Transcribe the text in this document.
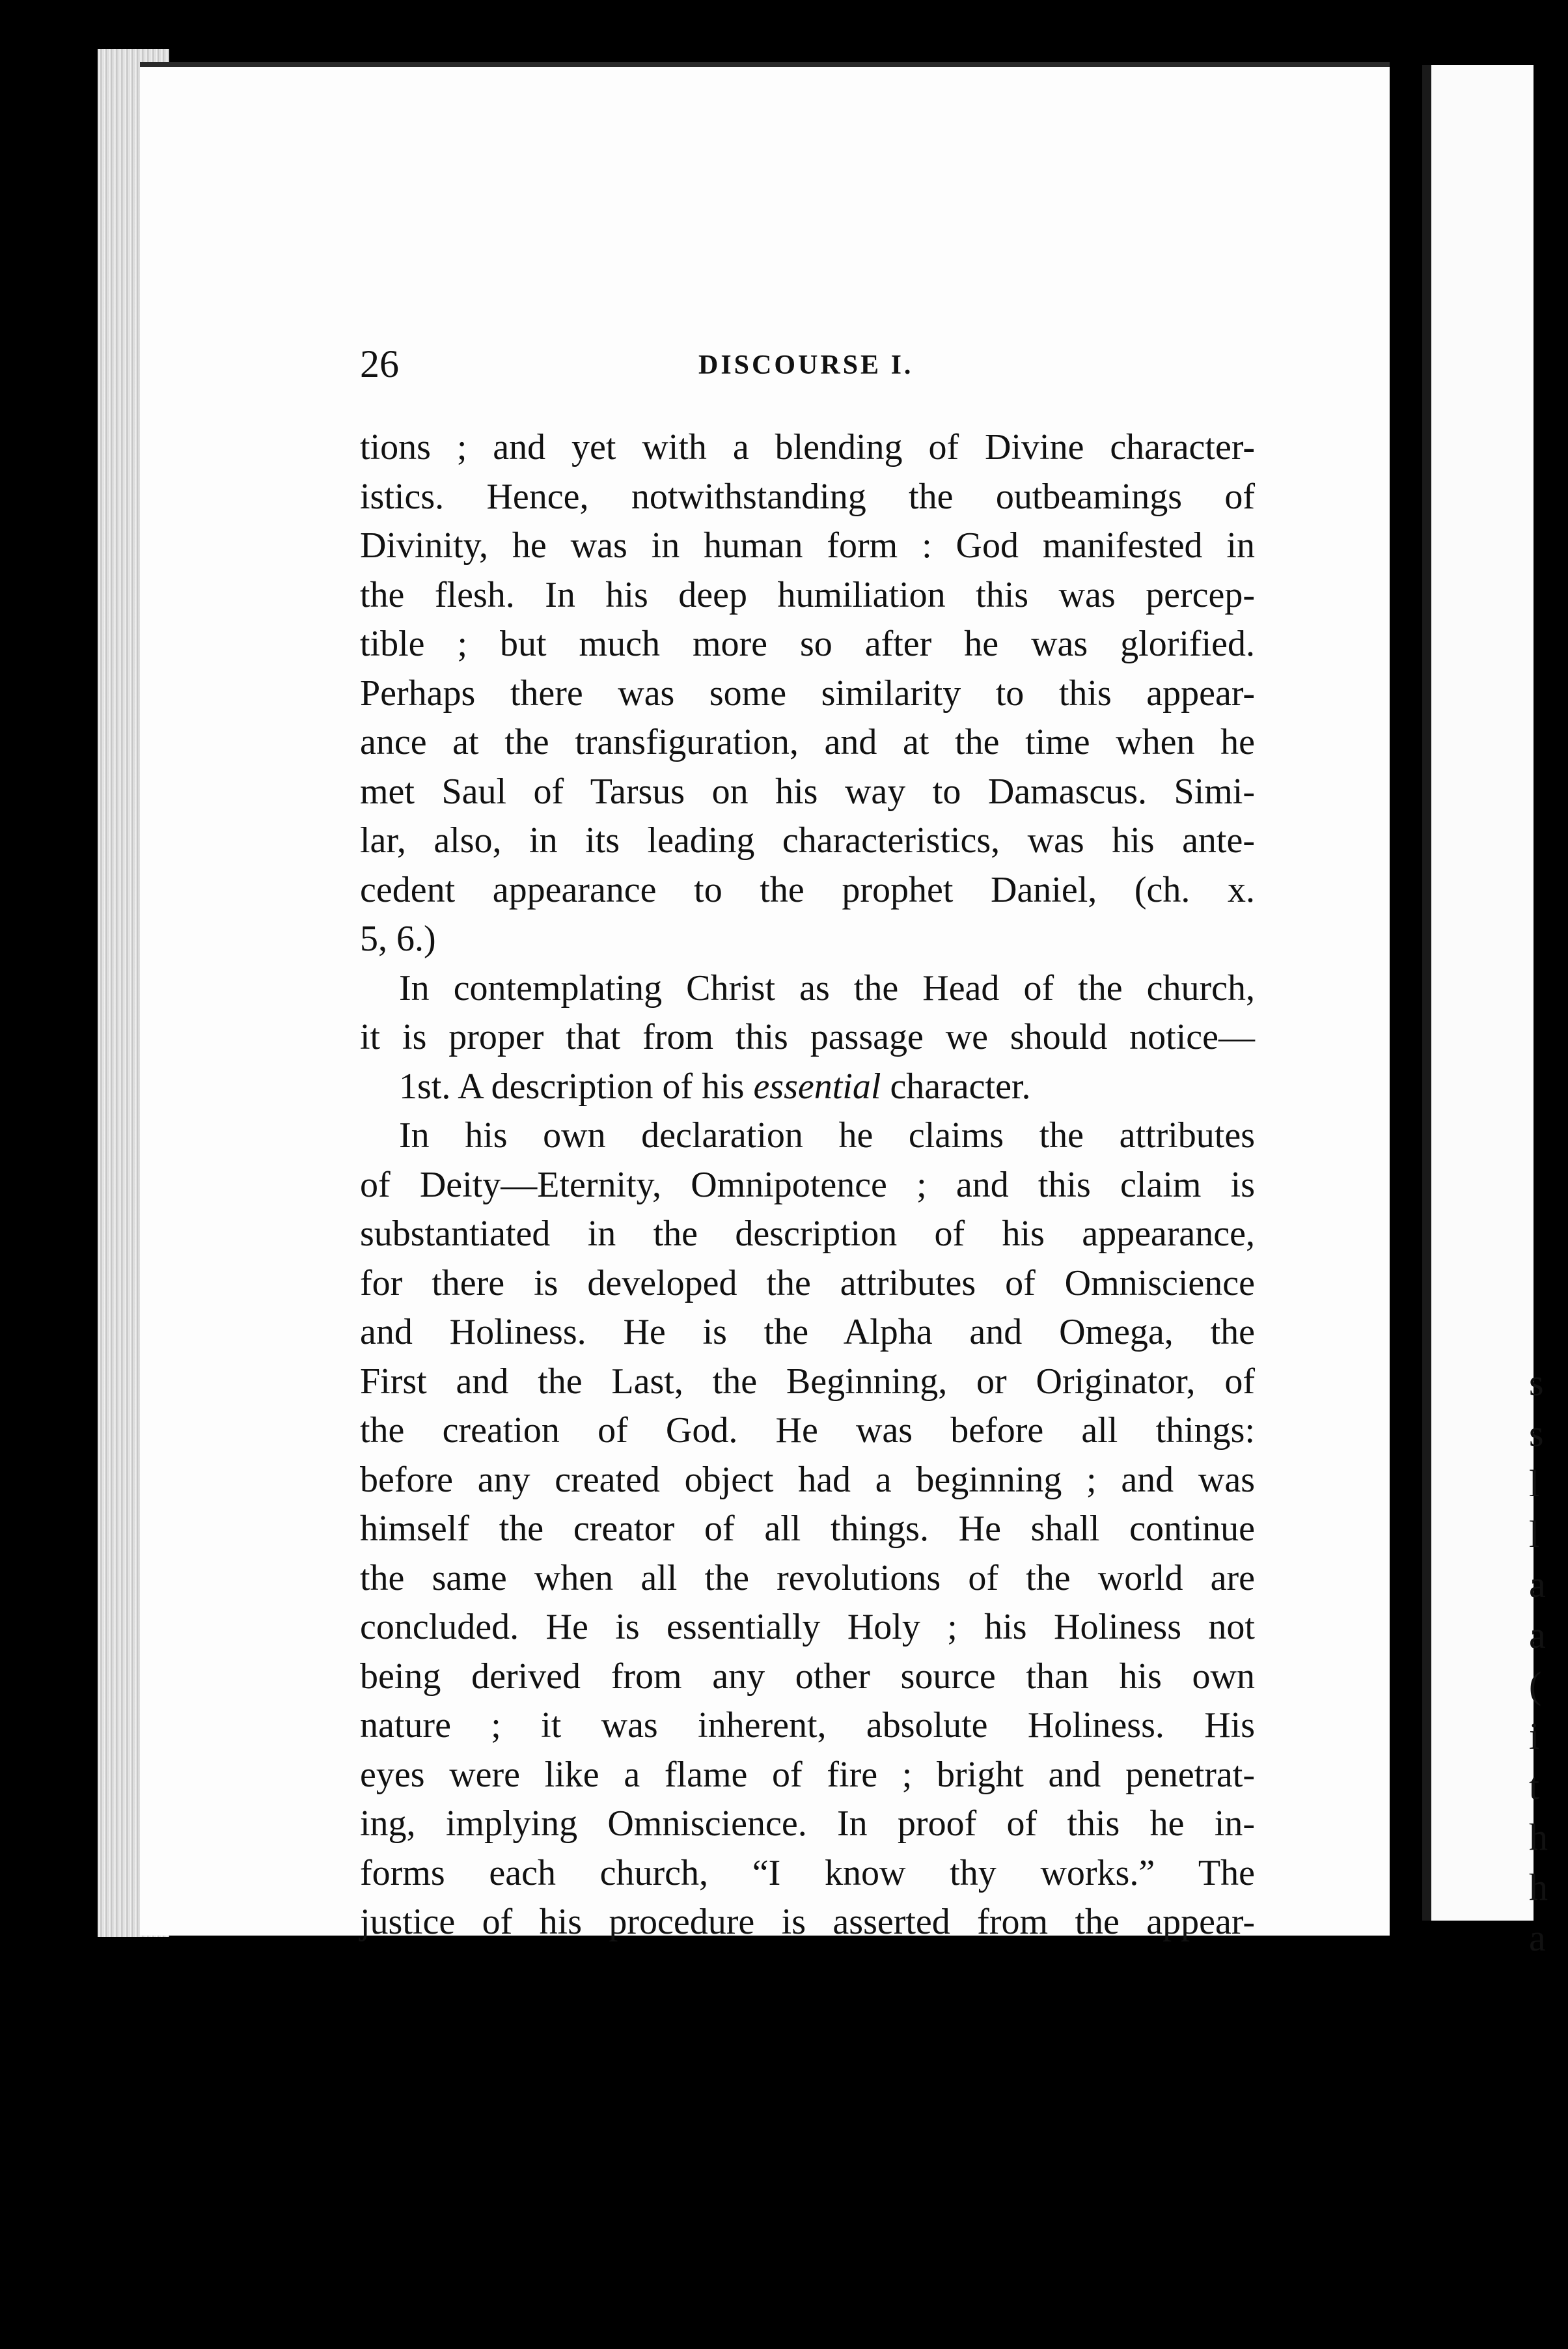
s
s
l
l
a
a
(
i
t
h
h
a
26	DISCOURSE I.
tions ; and yet with a blending of Divine character-
istics. Hence, notwithstanding the outbeamings of
Divinity, he was in human form : God manifested in
the flesh. In his deep humiliation this was percep-
tible ; but much more so after he was glorified.
Perhaps there was some similarity to this appear-
ance at the transfiguration, and at the time when he
met Saul of Tarsus on his way to Damascus. Simi-
lar, also, in its leading characteristics, was his ante-
cedent appearance to the prophet Daniel, (ch. x.
5, 6.)
In contemplating Christ as the Head of the church,
it is proper that from this passage we should notice—
1st. A description of his essential character.
In his own declaration he claims the attributes
of Deity—Eternity, Omnipotence ; and this claim is
substantiated in the description of his appearance,
for there is developed the attributes of Omniscience
and Holiness. He is the Alpha and Omega, the
First and the Last, the Beginning, or Originator, of
the creation of God. He was before all things:
before any created object had a beginning ; and was
himself the creator of all things. He shall continue
the same when all the revolutions of the world are
concluded. He is essentially Holy ; his Holiness not
being derived from any other source than his own
nature ; it was inherent, absolute Holiness. His
eyes were like a flame of fire ; bright and penetrat-
ing, implying Omniscience. In proof of this he in-
forms each church, “I know thy works.” The
justice of his procedure is asserted from the appear-
